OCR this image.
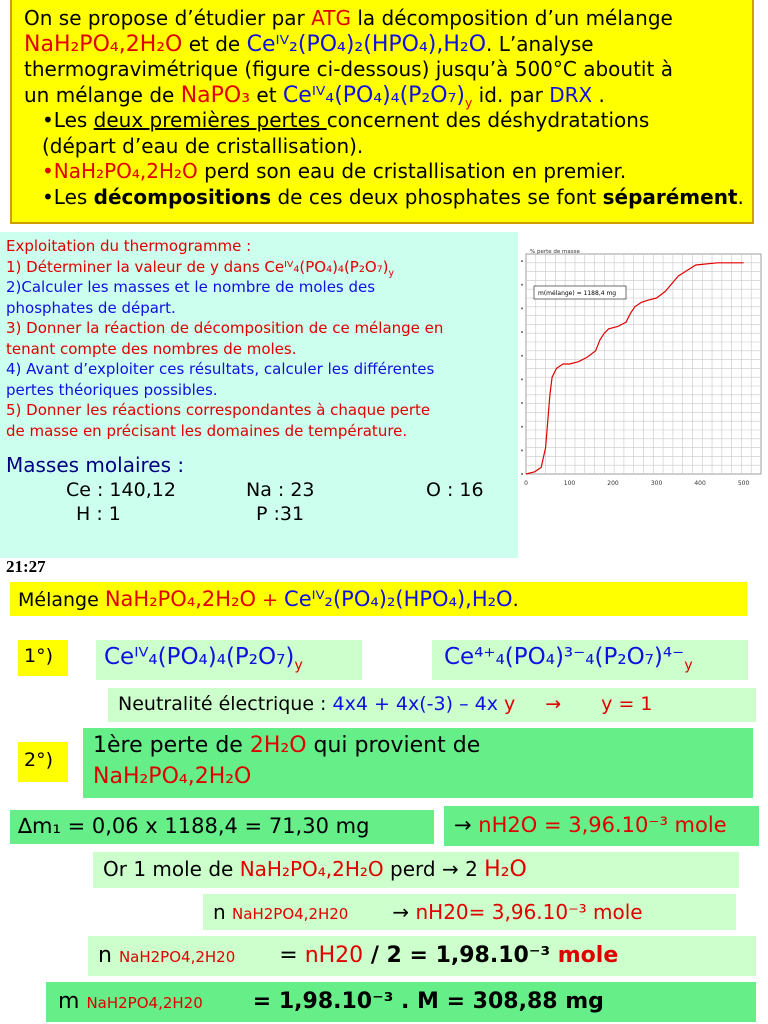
On se propose d’étudier par ATG la décomposition d’un mélange
NaH₂PO₄,2H₂O et de Ceᴵⱽ₂(PO₄)₂(HPO₄),H₂O. L’analyse
thermogravimétrique (figure ci-dessous) jusqu’à 500°C aboutit à
un mélange de NaPO₃ et $Ceᴵⱽ_4(PO_4)_4(P_2O_7)_y$ id. par DRX .
•Les deux premières pertes concernent des déshydratations
(départ d’eau de cristallisation).
•NaH₂PO₄,2H₂O perd son eau de cristallisation en premier.
•Les décompositions de ces deux phosphates se font séparément.
Exploitation du thermogramme :
1) Déterminer la valeur de y dans $Ceᴵⱽ_4(PO_4)_4(P_2O_7)_y$
2)Calculer les masses et le nombre de moles des
phosphates de départ.
3) Donner la réaction de décomposition de ce mélange en
tenant compte des nombres de moles.
4) Avant d’exploiter ces résultats, calculer les différentes
pertes théoriques possibles.
5) Donner les réactions correspondantes à chaque perte
de masse en précisant les domaines de température.
Masses molaires :
Ce : 140,12	Na : 23	O : 16
H : 1	P :31
0	100	200	300	400	500
% perte de masse
m(mélange) = 1188,4 mg
21:27
Mélange NaH₂PO₄,2H₂O + Ceᴵⱽ₂(PO₄)₂(HPO₄),H₂O.
1°)	$Ceᴵⱽ_4(PO_4)_4(P_2O_7)_y$	$Ce^{4+}_4(PO_4)^{3-}_4(P_2O_7)^{4-}_y$
Neutralité électrique : 4x4 + 4x(-3) – 4x y → y = 1
2°)
1ère perte de 2H₂O qui provient de
NaH₂PO₄,2H₂O
∆m₁ = 0,06 x 1188,4 = 71,30 mg	→ nH2O = 3,96.10⁻³ mole
Or 1 mole de NaH₂PO₄,2H₂O perd → 2 H₂O
n NaH2PO4,2H20 → nH20= 3,96.10⁻³ mole
n NaH2PO4,2H20 = nH20 / 2 = 1,98.10⁻³ mole
m NaH2PO4,2H20 = 1,98.10⁻³ . M = 308,88 mg
